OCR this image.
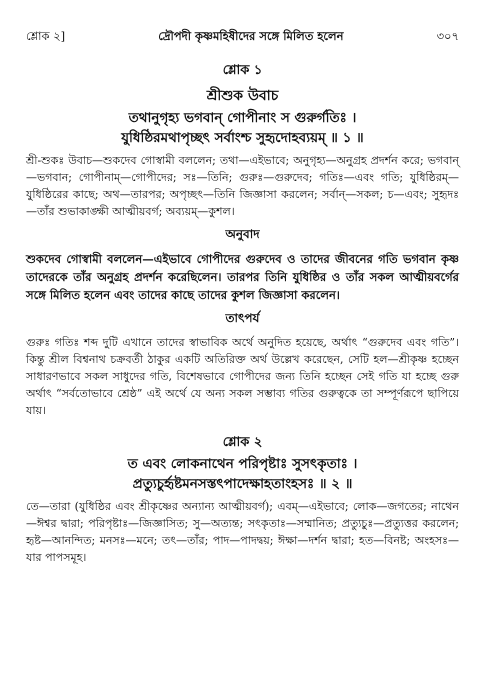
শ্লোক ২]	দ্রৌপদী কৃষ্ণমহিষীদের সঙ্গে মিলিত হলেন	৩০৭
শ্লোক ১
শ্রীশুক উবাচ
তথানুগৃহ্য ভগবান্‌ গোপীনাং স গুরুর্গতিঃ ।
যুধিষ্ঠিরমথাপৃচ্ছৎ সর্বাংশ্চ সুহৃদোহব্যয়ম্‌ ॥ ১ ॥

শ্রী-শুকঃ উবাচ—শুকদেব গোস্বামী বললেন; তথা—এইভাবে; অনুগৃহ্য—অনুগ্রহ প্রদর্শন করে; ভগবান্‌—ভগবান; গোপীনাম্‌—গোপীদের; সঃ—তিনি; গুরুঃ—গুরুদেব; গতিঃ—এবং গতি; যুধিষ্ঠিরম্‌—যুধিষ্ঠিরের কাছে; অথ—তারপর; অপৃচ্ছৎ—তিনি জিজ্ঞাসা করলেন; সর্বান্‌—সকল; চ—এবং; সুহৃদঃ—তাঁর শুভাকাঙ্ক্ষী আত্মীয়বর্গ; অব্যয়ম্‌—কুশল।

অনুবাদ

শুকদেব গোস্বামী বললেন—এইভাবে গোপীদের গুরুদেব ও তাদের জীবনের গতি ভগবান কৃষ্ণ তাদেরকে তাঁর অনুগ্রহ প্রদর্শন করেছিলেন। তারপর তিনি যুধিষ্ঠির ও তাঁর সকল আত্মীয়বর্গের সঙ্গে মিলিত হলেন এবং তাদের কাছে তাদের কুশল জিজ্ঞাসা করলেন।

তাৎপর্য

গুরুঃ গতিঃ শব্দ দুটি এখানে তাদের স্বাভাবিক অর্থে অনুদিত হয়েছে, অর্থাৎ “গুরুদেব এবং গতি”। কিন্তু শ্রীল বিশ্বনাথ চক্রবর্তী ঠাকুর একটি অতিরিক্ত অর্থ উল্লেখ করেছেন, সেটি হল—শ্রীকৃষ্ণ হচ্ছেন সাধারণভাবে সকল সাধুদের গতি, বিশেষভাবে গোপীদের জন্য তিনি হচ্ছেন সেই গতি যা হচ্ছে গুরু অর্থাৎ “সর্বতোভাবে শ্রেষ্ঠ” এই অর্থে যে অন্য সকল সম্ভাব্য গতির গুরুত্বকে তা সম্পূর্ণরূপে ছাপিয়ে যায়।

শ্লোক ২
ত এবং লোকনাথেন পরিপৃষ্টাঃ সুসৎকৃতাঃ ।
প্রত্যুচুর্হৃষ্টমনসস্তৎপাদেক্ষাহতাংহসঃ ॥ ২ ॥

তে—তারা (যুধিষ্ঠির এবং শ্রীকৃষ্ণের অন্যান্য আত্মীয়বর্গ); এবম্‌—এইভাবে; লোক—জগতের; নাথেন—ঈশ্বর দ্বারা; পরিপৃষ্টাঃ—জিজ্ঞাসিত; সু—অত্যন্ত; সৎকৃতাঃ—সম্মানিত; প্রত্যুচুঃ—প্রত্যুত্তর করলেন; হৃষ্ট—আনন্দিত; মনসঃ—মনে; তৎ—তাঁর; পাদ—পাদদ্বয়; ঈক্ষা—দর্শন দ্বারা; হত—বিনষ্ট; অংহসঃ—যার পাপসমূহ।
